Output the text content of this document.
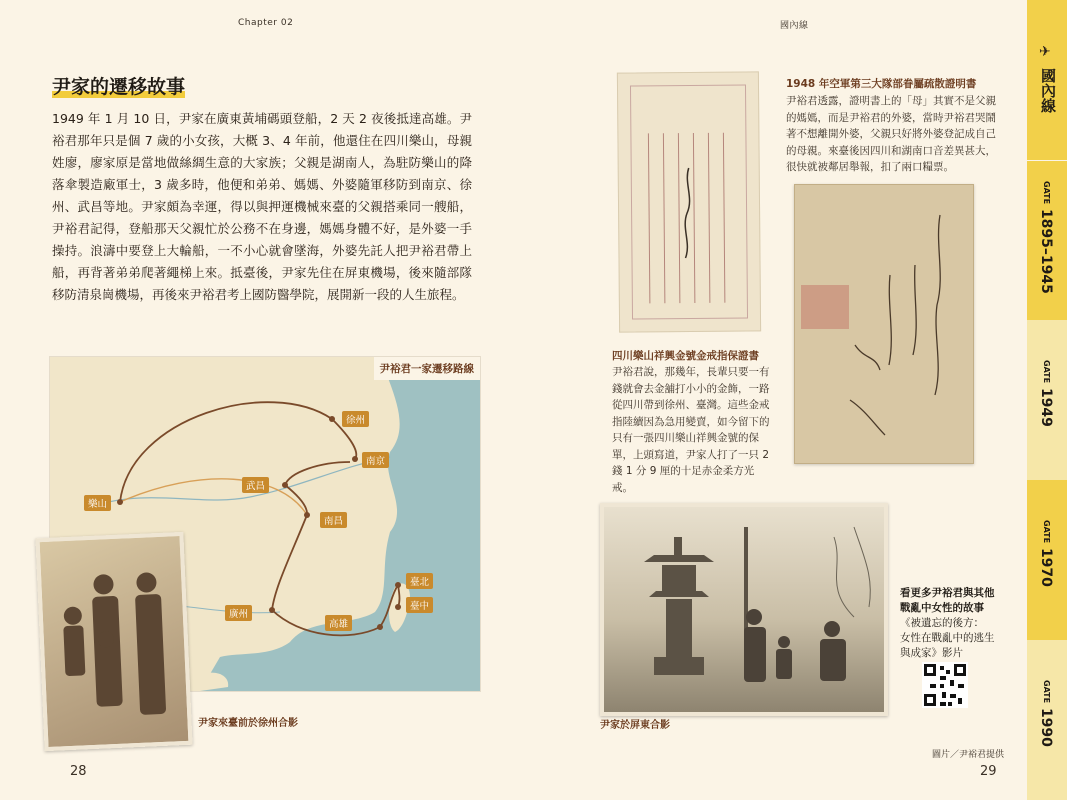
Chapter 02	國內線
尹家的遷移故事
1949 年 1 月 10 日，尹家在廣東黃埔碼頭登船，2 天 2 夜後抵達高雄。尹裕君那年只是個 7 歲的小女孩，大概 3、4 年前，他還住在四川樂山，母親姓廖，廖家原是當地做絲綢生意的大家族；父親是湖南人，為駐防樂山的降落傘製造廠軍士，3 歲多時，他便和弟弟、媽媽、外婆隨軍移防到南京、徐州、武昌等地。尹家頗為幸運，得以與押運機械來臺的父親搭乘同一艘船，尹裕君記得，登船那天父親忙於公務不在身邊，媽媽身體不好，是外婆一手操持。浪濤中要登上大輪船，一不小心就會墜海，外婆先託人把尹裕君帶上船，再背著弟弟爬著繩梯上來。抵臺後，尹家先住在屏東機場，後來隨部隊移防清泉崗機場，再後來尹裕君考上國防醫學院，展開新一段的人生旅程。
尹裕君一家遷移路線
樂山
徐州
南京
武昌
南昌
廣州
高雄
臺北
臺中
尹家來臺前於徐州合影
1948 年空軍第三大隊部眷屬疏散證明書
尹裕君透露，證明書上的「母」其實不是父親的媽媽，而是尹裕君的外婆，當時尹裕君哭鬧著不想離開外婆，父親只好將外婆登記成自己的母親。來臺後因四川和湖南口音差異甚大，很快就被鄰居舉報，扣了兩口糧票。
四川樂山祥興金號金戒指保證書
尹裕君說，那幾年，長輩只要一有錢就會去金舖打小小的金飾，一路從四川帶到徐州、臺灣。這些金戒指陸續因為急用變賣，如今留下的只有一張四川樂山祥興金號的保單，上頭寫道，尹家人打了一只 2 錢 1 分 9 厘的十足赤金柔方光戒。
尹家於屏東合影
看更多尹裕君與其他
戰亂中女性的故事
《被遺忘的後方：
女性在戰亂中的逃生
與成家》影片
圖片／尹裕君提供
28	29
✈
國內線
GATE 1895–1945
GATE 1949
GATE 1970
GATE 1990
